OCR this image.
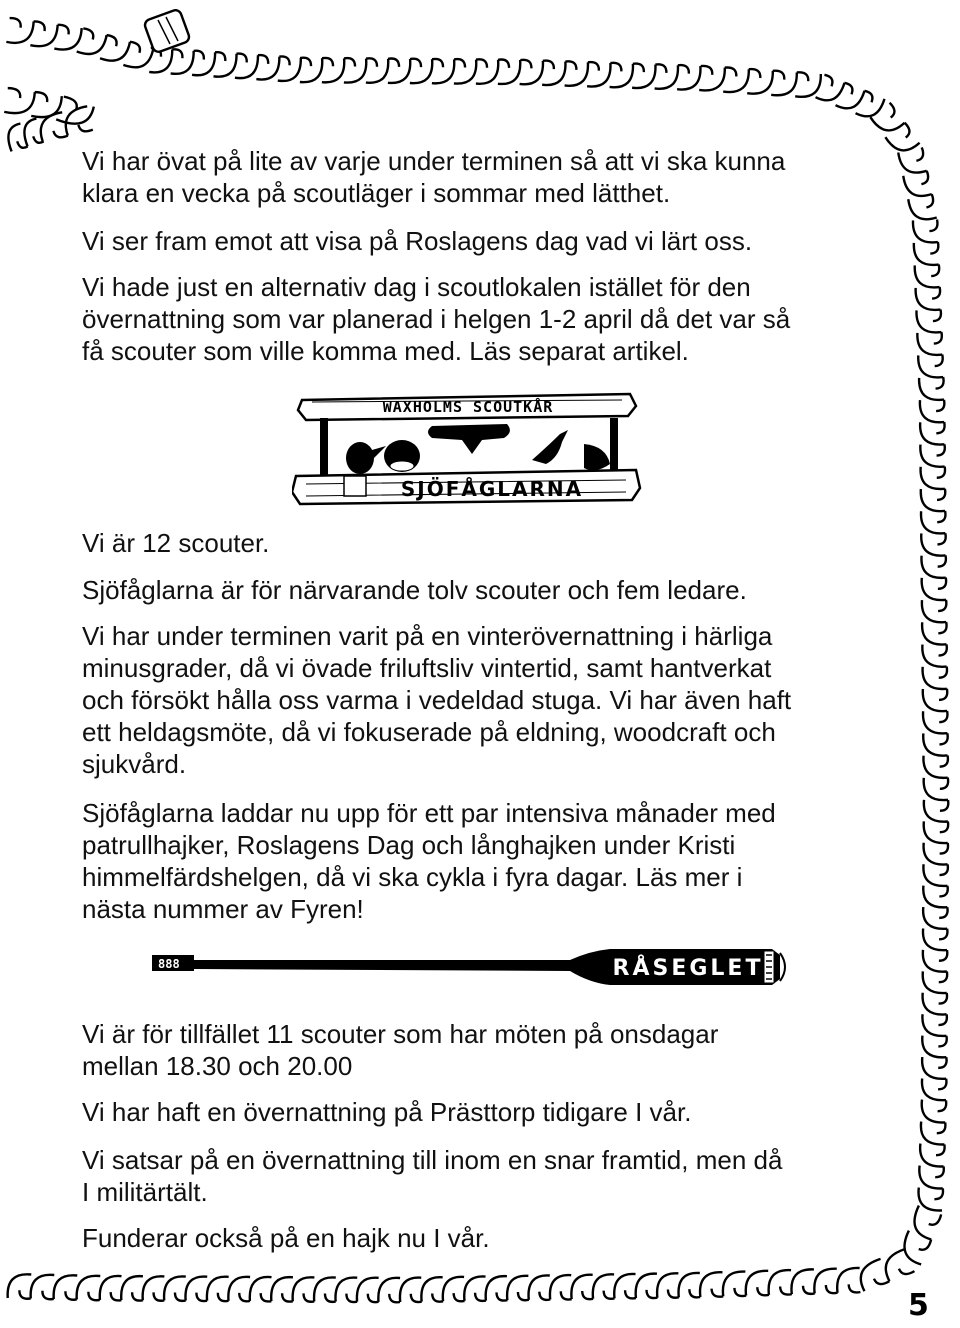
Vi har övat på lite av varje under terminen så att vi ska kunna
klara en vecka på scoutläger i sommar med lätthet.

Vi ser fram emot att visa på Roslagens dag vad vi lärt oss.

Vi hade just en alternativ dag i scoutlokalen istället för den
övernattning som var planerad i helgen 1-2 april då det var så
få scouter som ville komma med. Läs separat artikel.

WAXHOLMS SCOUTKÅR
SJÖFÅGLARNA

Vi är 12 scouter.

Sjöfåglarna är för närvarande tolv scouter och fem ledare.

Vi har under terminen varit på en vinterövernattning i härliga
minusgrader, då vi övade friluftsliv vintertid, samt hantverkat
och försökt hålla oss varma i vedeldad stuga. Vi har även haft
ett heldagsmöte, då vi fokuserade på eldning, woodcraft och
sjukvård.

Sjöfåglarna laddar nu upp för ett par intensiva månader med
patrullhajker, Roslagens Dag och långhajken under Kristi
himmelfärdshelgen, då vi ska cykla i fyra dagar. Läs mer i
nästa nummer av Fyren!

888	RÅSEGLET

Vi är för tillfället 11 scouter som har möten på onsdagar
mellan 18.30 och 20.00

Vi har haft en övernattning på Prästtorp tidigare I vår.

Vi satsar på en övernattning till inom en snar framtid, men då
I militärtält.

Funderar också på en hajk nu I vår.

5
